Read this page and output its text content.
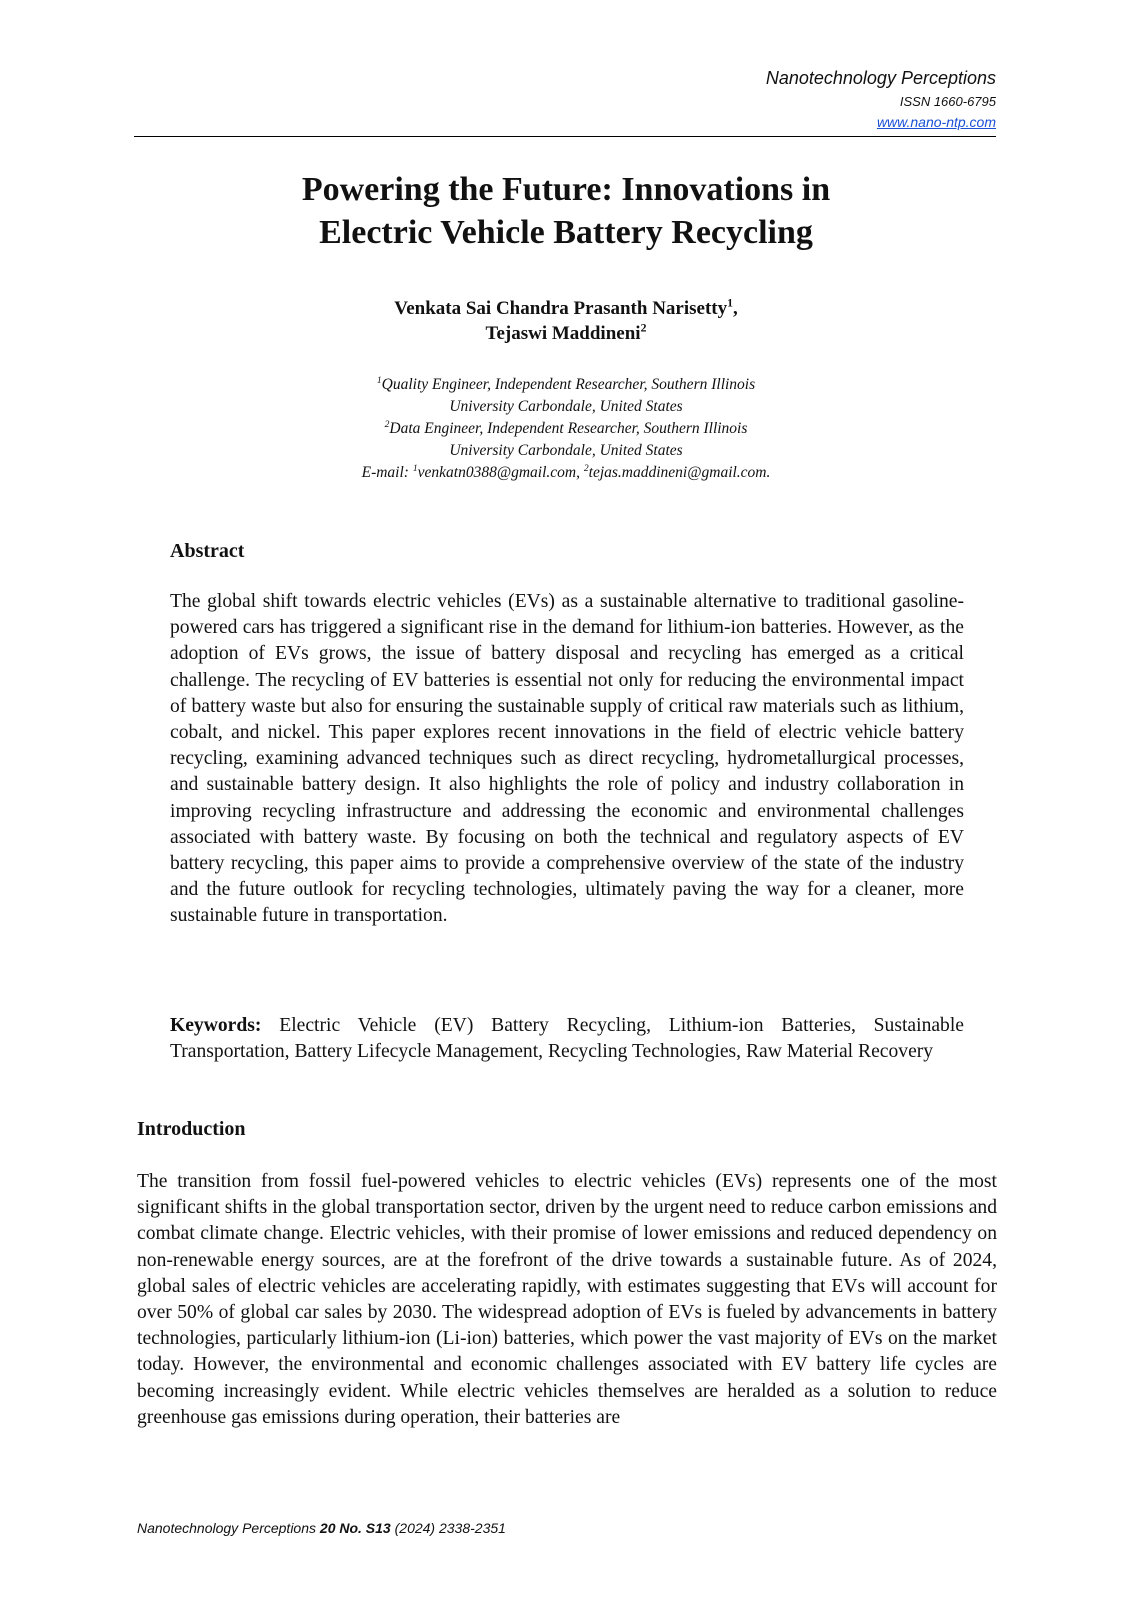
Nanotechnology Perceptions
ISSN 1660-6795
www.nano-ntp.com
Powering the Future: Innovations in
Electric Vehicle Battery Recycling
Venkata Sai Chandra Prasanth Narisetty$^1$,
Tejaswi Maddineni$^2$
$^1$Quality Engineer, Independent Researcher, Southern Illinois
University Carbondale, United States
$^2$Data Engineer, Independent Researcher, Southern Illinois
University Carbondale, United States
E-mail: $^1$venkatn0388@gmail.com, $^2$tejas.maddineni@gmail.com.
Abstract
The global shift towards electric vehicles (EVs) as a sustainable alternative to traditional gasoline-powered cars has triggered a significant rise in the demand for lithium-ion batteries. However, as the adoption of EVs grows, the issue of battery disposal and recycling has emerged as a critical challenge. The recycling of EV batteries is essential not only for reducing the environmental impact of battery waste but also for ensuring the sustainable supply of critical raw materials such as lithium, cobalt, and nickel. This paper explores recent innovations in the field of electric vehicle battery recycling, examining advanced techniques such as direct recycling, hydrometallurgical processes, and sustainable battery design. It also highlights the role of policy and industry collaboration in improving recycling infrastructure and addressing the economic and environmental challenges associated with battery waste. By focusing on both the technical and regulatory aspects of EV battery recycling, this paper aims to provide a comprehensive overview of the state of the industry and the future outlook for recycling technologies, ultimately paving the way for a cleaner, more sustainable future in transportation.
Keywords: Electric Vehicle (EV) Battery Recycling, Lithium-ion Batteries, Sustainable Transportation, Battery Lifecycle Management, Recycling Technologies, Raw Material Recovery
Introduction
The transition from fossil fuel-powered vehicles to electric vehicles (EVs) represents one of the most significant shifts in the global transportation sector, driven by the urgent need to reduce carbon emissions and combat climate change. Electric vehicles, with their promise of lower emissions and reduced dependency on non-renewable energy sources, are at the forefront of the drive towards a sustainable future. As of 2024, global sales of electric vehicles are accelerating rapidly, with estimates suggesting that EVs will account for over 50% of global car sales by 2030. The widespread adoption of EVs is fueled by advancements in battery technologies, particularly lithium-ion (Li-ion) batteries, which power the vast majority of EVs on the market today. However, the environmental and economic challenges associated with EV battery life cycles are becoming increasingly evident. While electric vehicles themselves are heralded as a solution to reduce greenhouse gas emissions during operation, their batteries are
Nanotechnology Perceptions 20 No. S13 (2024) 2338-2351
